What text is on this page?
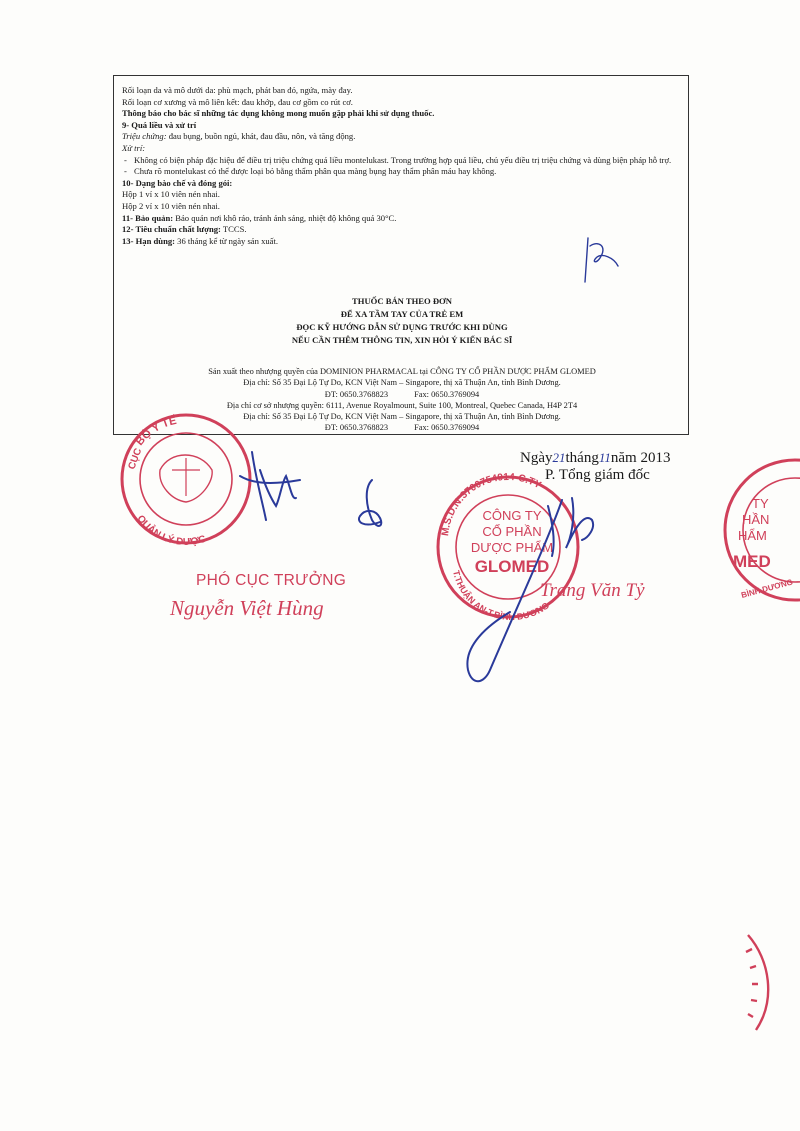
Rối loạn da và mô dưới da: phù mạch, phát ban đỏ, ngứa, mày đay.
Rối loạn cơ xương và mô liên kết: đau khớp, đau cơ gồm co rút cơ.
Thông báo cho bác sĩ những tác dụng không mong muốn gặp phải khi sử dụng thuốc.
9- Quá liều và xử trí
Triệu chứng: đau bụng, buồn ngủ, khát, đau đầu, nôn, và tăng động.
Xử trí:
- Không có biện pháp đặc hiệu để điều trị triệu chứng quá liều montelukast. Trong trường hợp quá liều, chủ yếu điều trị triệu chứng và dùng biện pháp hỗ trợ.
- Chưa rõ montelukast có thể được loại bỏ bằng thẩm phân qua màng bụng hay thẩm phân máu hay không.
10- Dạng bào chế và đóng gói:
Hộp 1 vỉ x 10 viên nén nhai.
Hộp 2 vỉ x 10 viên nén nhai.
11- Bảo quản: Bảo quản nơi khô ráo, tránh ánh sáng, nhiệt độ không quá 30°C.
12- Tiêu chuẩn chất lượng: TCCS.
13- Hạn dùng: 36 tháng kể từ ngày sản xuất.
THUỐC BÁN THEO ĐƠN
ĐỂ XA TẦM TAY CỦA TRẺ EM
ĐỌC KỸ HƯỚNG DẪN SỬ DỤNG TRƯỚC KHI DÙNG
NẾU CẦN THÊM THÔNG TIN, XIN HỎI Ý KIẾN BÁC SĨ
Sản xuất theo nhượng quyền của DOMINION PHARMACAL tại CÔNG TY CỔ PHẦN DƯỢC PHẨM GLOMED
Địa chỉ: Số 35 Đại Lộ Tự Do, KCN Việt Nam – Singapore, thị xã Thuận An, tỉnh Bình Dương.
ĐT: 0650.3768823	Fax: 0650.3769094
Địa chỉ cơ sở nhượng quyền: 6111, Avenue Royalmount, Suite 100, Montreal, Quebec Canada, H4P 2T4
Địa chỉ: Số 35 Đại Lộ Tự Do, KCN Việt Nam – Singapore, thị xã Thuận An, tỉnh Bình Dương.
ĐT: 0650.3768823	Fax: 0650.3769094
BỘ Y TẾ
QUẢN LÝ DƯỢC
CỤC
M.S.D.N:3700754914-C.TY
T.THUẬN AN-T.BÌNH DƯƠNG
CÔNG TY
CỔ PHẦN
DƯỢC PHẨM
GLOMED
TY
HẦN
HẨM
MED
BÌNH DƯƠNG
Ngày21tháng11năm 2013
P. Tổng giám đốc
PHÓ CỤC TRƯỞNG
Nguyễn Việt Hùng
Trang Văn Tỷ
